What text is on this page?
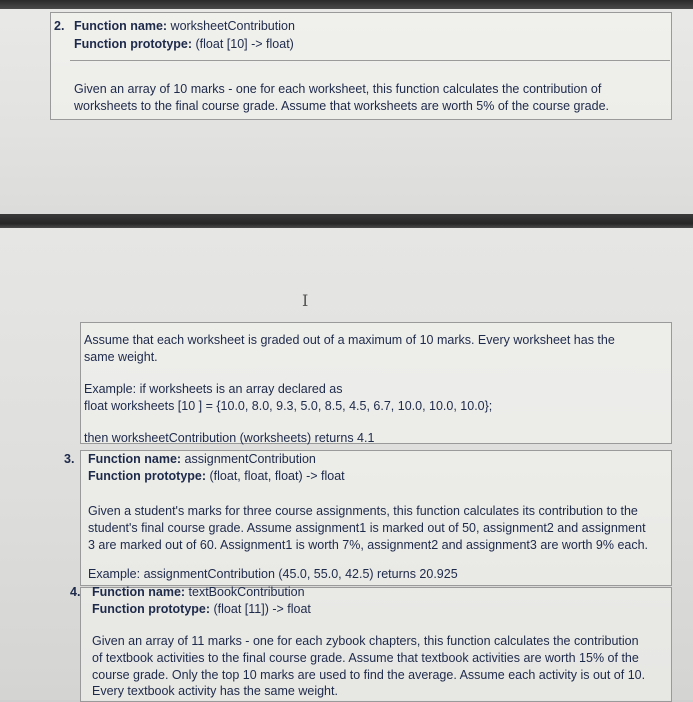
2. Function name: worksheetContribution
Function prototype: (float [10] -> float)
Given an array of 10 marks - one for each worksheet, this function calculates the contribution of
worksheets to the final course grade. Assume that worksheets are worth 5% of the course grade.
I
Assume that each worksheet is graded out of a maximum of 10 marks. Every worksheet has the
same weight.
Example: if worksheets is an array declared as
float worksheets [10 ] = {10.0, 8.0, 9.3, 5.0, 8.5, 4.5, 6.7, 10.0, 10.0, 10.0};
then worksheetContribution (worksheets) returns 4.1
3. Function name: assignmentContribution
Function prototype: (float, float, float) -> float
Given a student's marks for three course assignments, this function calculates its contribution to the
student's final course grade. Assume assignment1 is marked out of 50, assignment2 and assignment
3 are marked out of 60. Assignment1 is worth 7%, assignment2 and assignment3 are worth 9% each.
Example: assignmentContribution (45.0, 55.0, 42.5) returns 20.925
4. Function name: textBookContribution
Function prototype: (float [11]) -> float
Given an array of 11 marks - one for each zybook chapters, this function calculates the contribution
of textbook activities to the final course grade. Assume that textbook activities are worth 15% of the
course grade. Only the top 10 marks are used to find the average. Assume each activity is out of 10.
Every textbook activity has the same weight.
